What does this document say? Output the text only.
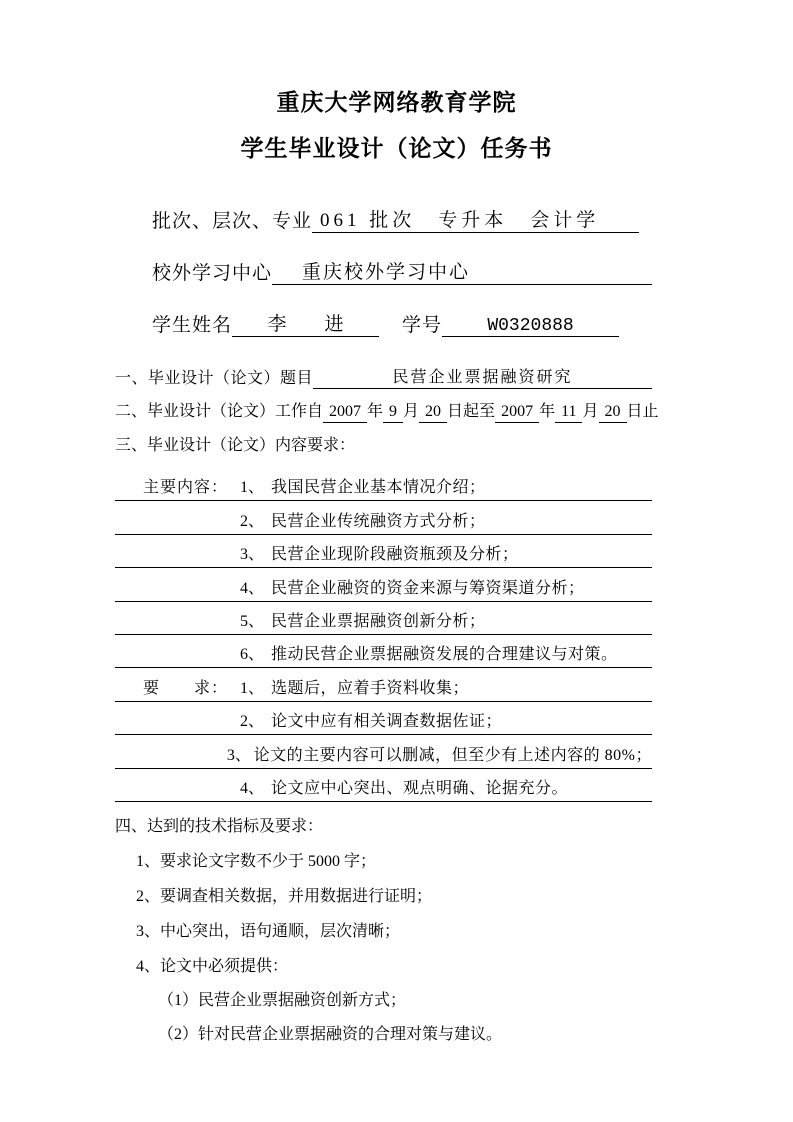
重庆大学网络教育学院
学生毕业设计（论文）任务书
批次、层次、专业 061 批次　专升本　会计学
校外学习中心	重庆校外学习中心
学生姓名	李　　进	学号	W0320888
一、毕业设计（论文）题目	民营企业票据融资研究
二、毕业设计（论文）工作自 2007 年 9 月 20 日起至 2007 年 11 月 20 日止
三、毕业设计（论文）内容要求：
主要内容： 1、 我国民营企业基本情况介绍；
2、 民营企业传统融资方式分析；
3、 民营企业现阶段融资瓶颈及分析；
4、 民营企业融资的资金来源与筹资渠道分析；
5、 民营企业票据融资创新分析；
6、 推动民营企业票据融资发展的合理建议与对策。
要　　求： 1、 选题后，应着手资料收集；
2、 论文中应有相关调查数据佐证；
3、 论文的主要内容可以删减，但至少有上述内容的 80%；
4、 论文应中心突出、观点明确、论据充分。
四、达到的技术指标及要求：
1、要求论文字数不少于 5000 字；
2、要调查相关数据，并用数据进行证明；
3、中心突出，语句通顺，层次清晰；
4、论文中必须提供：
（1）民营企业票据融资创新方式；
（2）针对民营企业票据融资的合理对策与建议。
